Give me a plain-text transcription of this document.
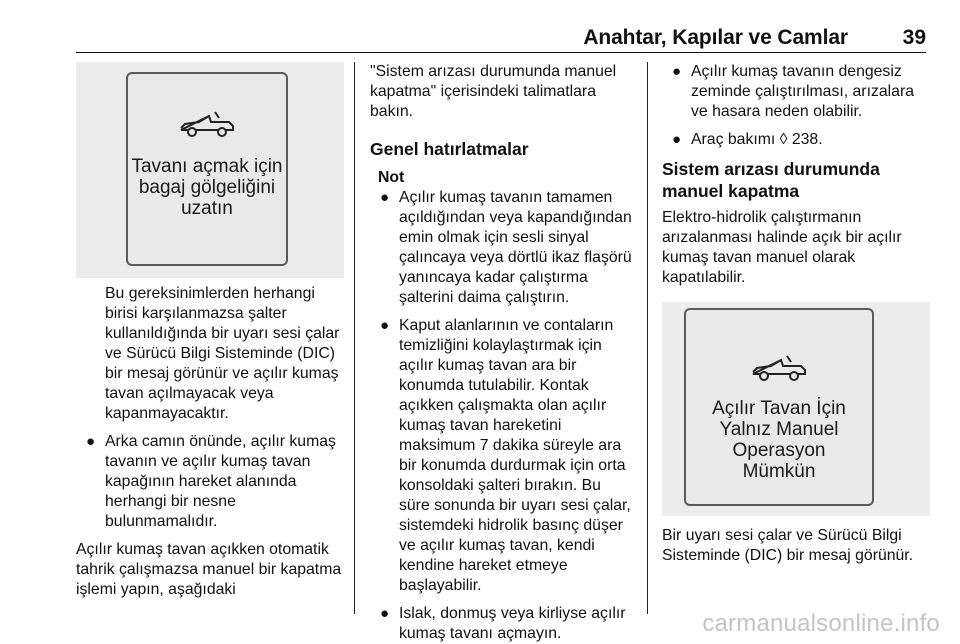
Anahtar, Kapılar ve Camlar	39
Tavanı açmak için
bagaj gölgeliğini
uzatın

Bu gereksinimlerden herhangi birisi karşılanmazsa şalter kullanıldığında bir uyarı sesi çalar ve Sürücü Bilgi Sisteminde (DIC) bir mesaj görünür ve açılır kumaş tavan açılmayacak veya kapanmayacaktır.

● Arka camın önünde, açılır kumaş tavanın ve açılır kumaş tavan kapağının hareket alanında herhangi bir nesne bulunmamalıdır.

Açılır kumaş tavan açıkken otomatik tahrik çalışmazsa manuel bir kapatma işlemi yapın, aşağıdaki

"Sistem arızası durumunda manuel kapatma" içerisindeki talimatlara bakın.

Genel hatırlatmalar
Not
● Açılır kumaş tavanın tamamen açıldığından veya kapandığından emin olmak için sesli sinyal çalıncaya veya dörtlü ikaz flaşörü yanıncaya kadar çalıştırma şalterini daima çalıştırın.
● Kaput alanlarının ve contaların temizliğini kolaylaştırmak için açılır kumaş tavan ara bir konumda tutulabilir. Kontak açıkken çalışmakta olan açılır kumaş tavan hareketini maksimum 7 dakika süreyle ara bir konumda durdurmak için orta konsoldaki şalteri bırakın. Bu süre sonunda bir uyarı sesi çalar, sistemdeki hidrolik basınç düşer ve açılır kumaş tavan, kendi kendine hareket etmeye başlayabilir.
● Islak, donmuş veya kirliyse açılır kumaş tavanı açmayın.
● Açılır kumaş tavanın dengesiz zeminde çalıştırılması, arızalara ve hasara neden olabilir.
● Araç bakımı ◊ 238.
Sistem arızası durumunda manuel kapatma

Elektro-hidrolik çalıştırmanın arızalanması halinde açık bir açılır kumaş tavan manuel olarak kapatılabilir.

Açılır Tavan İçin
Yalnız Manuel
Operasyon
Mümkün

Bir uyarı sesi çalar ve Sürücü Bilgi Sisteminde (DIC) bir mesaj görünür.

carmanualsonline.info
